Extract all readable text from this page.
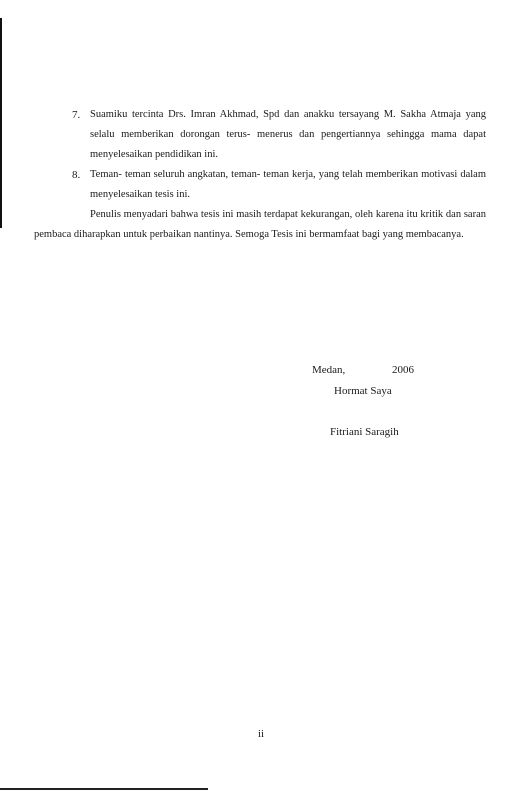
7. Suamiku tercinta Drs. Imran Akhmad, Spd dan anakku tersayang M. Sakha Atmaja yang selalu memberikan dorongan terus- menerus dan pengertiannya sehingga mama dapat menyelesaikan pendidikan ini.
8. Teman- teman seluruh angkatan, teman- teman kerja, yang telah memberikan motivasi dalam menyelesaikan tesis ini.

Penulis menyadari bahwa tesis ini masih terdapat kekurangan, oleh karena itu kritik dan saran pembaca diharapkan untuk perbaikan nantinya. Semoga Tesis ini bermamfaat bagi yang membacanya.

Medan,	2006
Hormat Saya
Fitriani Saragih
ii
